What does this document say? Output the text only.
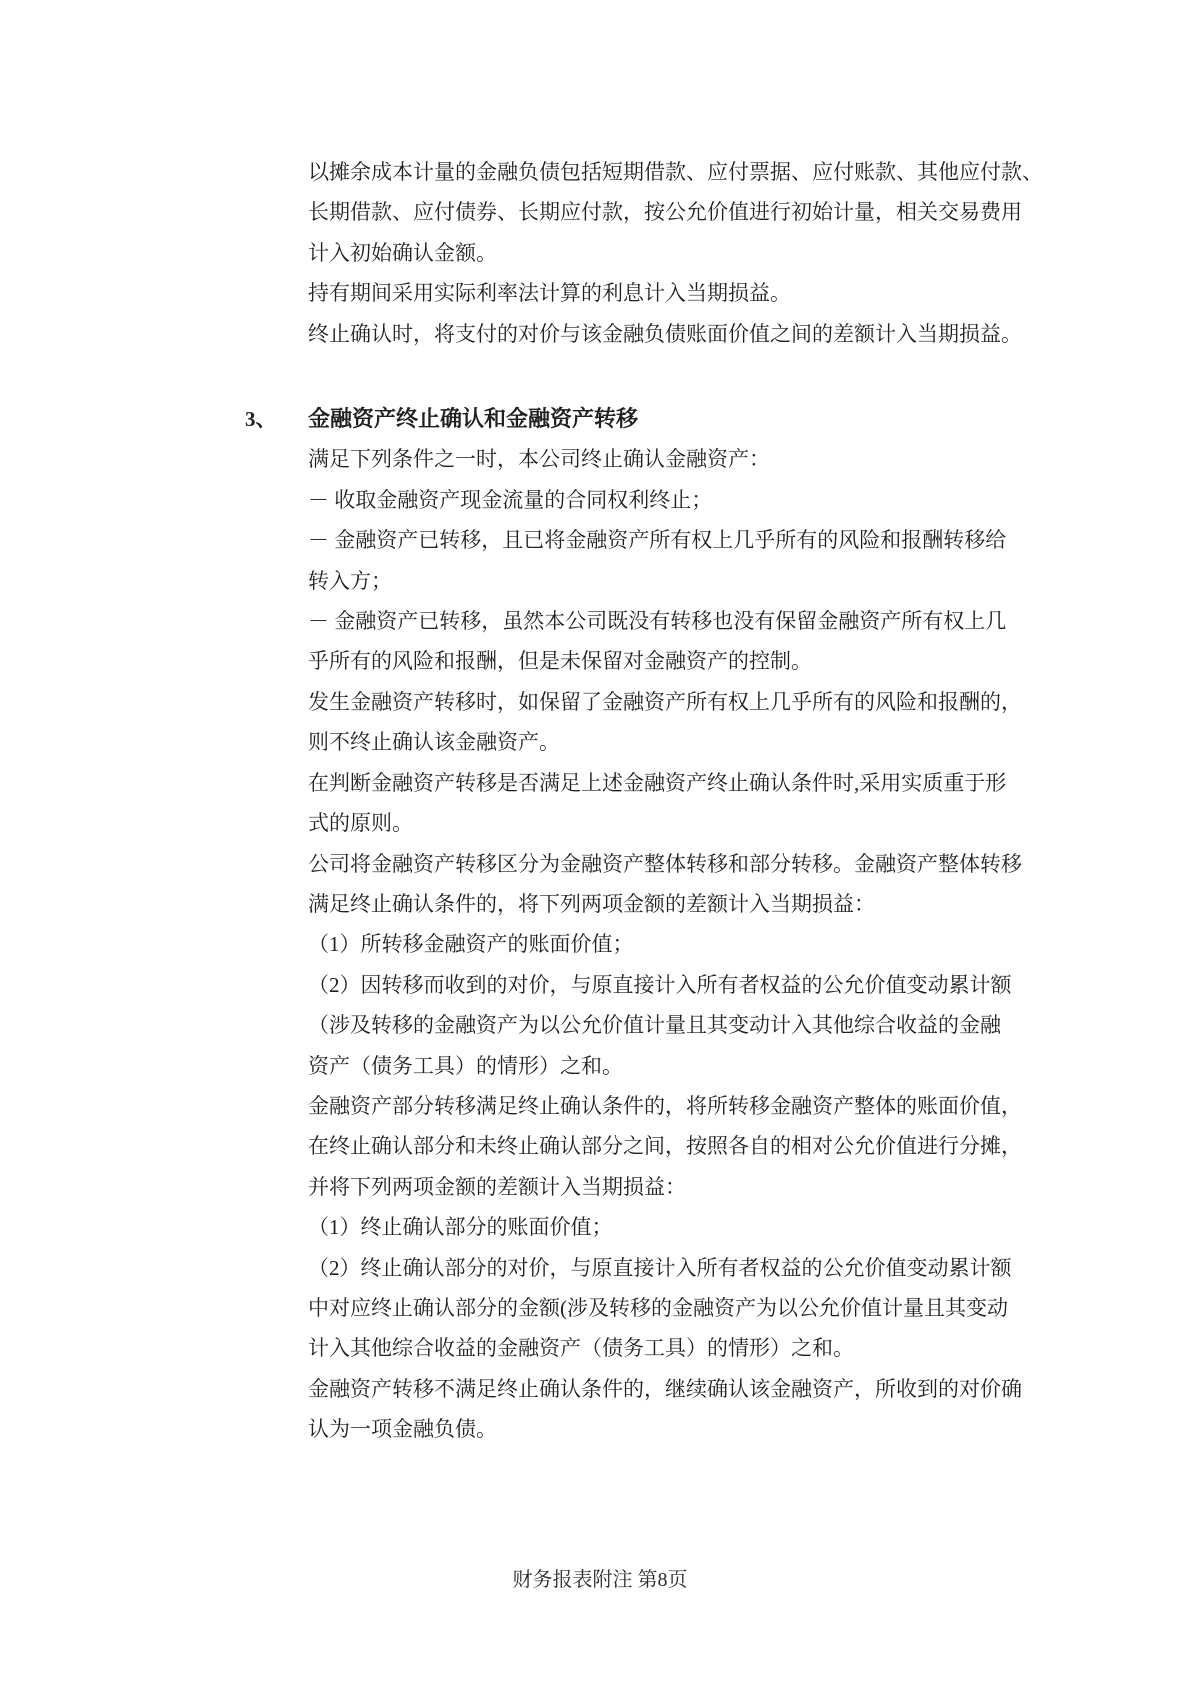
以摊余成本计量的金融负债包括短期借款、应付票据、应付账款、其他应付款、
长期借款、应付债券、长期应付款，按公允价值进行初始计量，相关交易费用
计入初始确认金额。
持有期间采用实际利率法计算的利息计入当期损益。
终止确认时，将支付的对价与该金融负债账面价值之间的差额计入当期损益。
3、 金融资产终止确认和金融资产转移
满足下列条件之一时，本公司终止确认金融资产：
－ 收取金融资产现金流量的合同权利终止；
－ 金融资产已转移，且已将金融资产所有权上几乎所有的风险和报酬转移给
转入方；
－ 金融资产已转移，虽然本公司既没有转移也没有保留金融资产所有权上几
乎所有的风险和报酬，但是未保留对金融资产的控制。
发生金融资产转移时，如保留了金融资产所有权上几乎所有的风险和报酬的，
则不终止确认该金融资产。
在判断金融资产转移是否满足上述金融资产终止确认条件时,采用实质重于形
式的原则。
公司将金融资产转移区分为金融资产整体转移和部分转移。金融资产整体转移
满足终止确认条件的，将下列两项金额的差额计入当期损益：
（1）所转移金融资产的账面价值；
（2）因转移而收到的对价，与原直接计入所有者权益的公允价值变动累计额
（涉及转移的金融资产为以公允价值计量且其变动计入其他综合收益的金融
资产（债务工具）的情形）之和。
金融资产部分转移满足终止确认条件的，将所转移金融资产整体的账面价值，
在终止确认部分和未终止确认部分之间，按照各自的相对公允价值进行分摊，
并将下列两项金额的差额计入当期损益：
（1）终止确认部分的账面价值；
（2）终止确认部分的对价，与原直接计入所有者权益的公允价值变动累计额
中对应终止确认部分的金额(涉及转移的金融资产为以公允价值计量且其变动
计入其他综合收益的金融资产（债务工具）的情形）之和。
金融资产转移不满足终止确认条件的，继续确认该金融资产，所收到的对价确
认为一项金融负债。
财务报表附注 第8页
